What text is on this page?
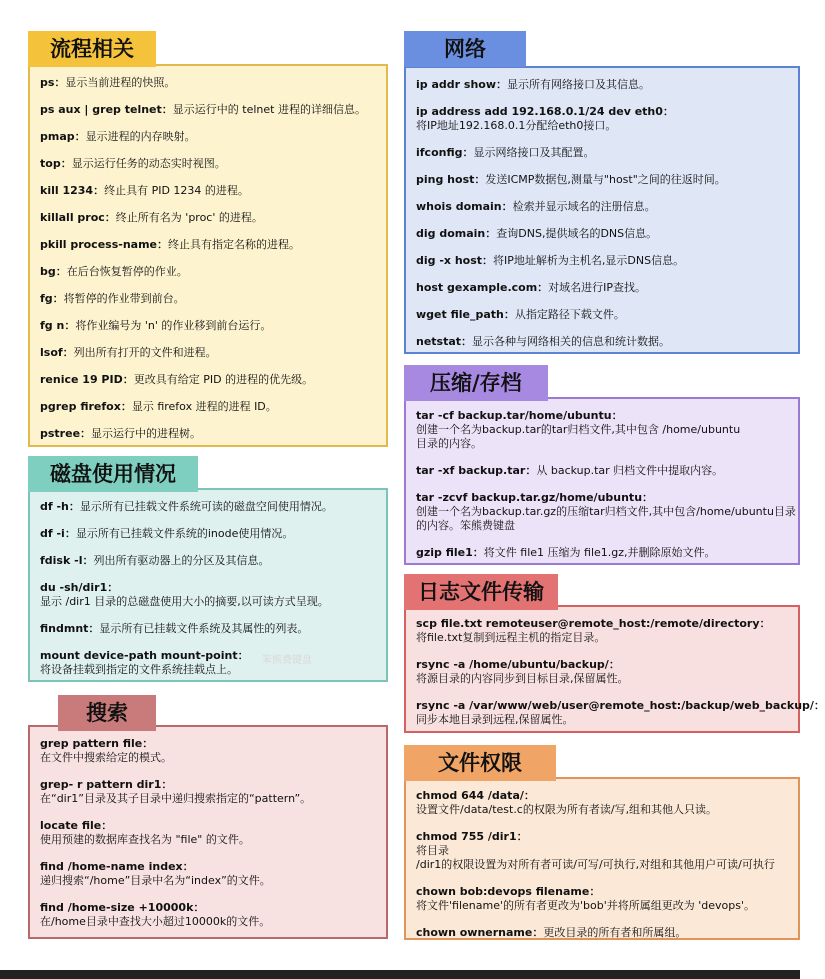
ps：显示当前进程的快照。
ps aux | grep telnet：显示运行中的 telnet 进程的详细信息。
pmap：显示进程的内存映射。
top：显示运行任务的动态实时视图。
kill 1234：终止具有 PID 1234 的进程。
killall proc：终止所有名为 'proc' 的进程。
pkill process-name：终止具有指定名称的进程。
bg：在后台恢复暂停的作业。
fg：将暂停的作业带到前台。
fg n：将作业编号为 'n' 的作业移到前台运行。
lsof：列出所有打开的文件和进程。
renice 19 PID：更改具有给定 PID 的进程的优先级。
pgrep firefox：显示 firefox 进程的进程 ID。
pstree：显示运行中的进程树。
流程相关
df -h：显示所有已挂载文件系统可读的磁盘空间使用情况。
df -i：显示所有已挂载文件系统的inode使用情况。
fdisk -l：列出所有驱动器上的分区及其信息。
du -sh/dir1：
显示 /dir1 目录的总磁盘使用大小的摘要,以可读方式呈现。
findmnt：显示所有已挂载文件系统及其属性的列表。
mount device-path mount-point：
将设备挂载到指定的文件系统挂载点上。
磁盘使用情况
grep pattern file：
在文件中搜索给定的模式。
grep- r pattern dir1：
在“dir1”目录及其子目录中递归搜索指定的“pattern”。
locate file：
使用预建的数据库查找名为 "file" 的文件。
find /home-name index：
递归搜索“/home”目录中名为“index”的文件。
find /home-size +10000k：
在/home目录中查找大小超过10000k的文件。
搜索
ip addr show：显示所有网络接口及其信息。
ip address add 192.168.0.1/24 dev eth0：
将IP地址192.168.0.1分配给eth0接口。
ifconfig：显示网络接口及其配置。
ping host：发送ICMP数据包,测量与"host"之间的往返时间。
whois domain：检索并显示域名的注册信息。
dig domain：查询DNS,提供域名的DNS信息。
dig -x host：将IP地址解析为主机名,显示DNS信息。
host gexample.com：对域名进行IP查找。
wget file_path：从指定路径下载文件。
netstat：显示各种与网络相关的信息和统计数据。
网络
tar -cf backup.tar/home/ubuntu：
创建一个名为backup.tar的tar归档文件,其中包含 /home/ubuntu
目录的内容。
tar -xf backup.tar：从 backup.tar 归档文件中提取内容。
tar -zcvf backup.tar.gz/home/ubuntu：
创建一个名为backup.tar.gz的压缩tar归档文件,其中包含/home/ubuntu目录
的内容。笨熊费键盘
gzip file1：将文件 file1 压缩为 file1.gz,并删除原始文件。
压缩/存档
scp file.txt remoteuser@remote_host:/remote/directory：
将file.txt复制到远程主机的指定目录。
rsync -a /home/ubuntu/backup/：
将源目录的内容同步到目标目录,保留属性。
rsync -a /var/www/web/user@remote_host:/backup/web_backup/：
同步本地目录到远程,保留属性。
日志文件传输
chmod 644 /data/：
设置文件/data/test.c的权限为所有者读/写,组和其他人只读。
chmod 755 /dir1：
将目录
/dir1的权限设置为对所有者可读/可写/可执行,对组和其他用户可读/可执行
chown bob:devops filename：
将文件'filename'的所有者更改为'bob'并将所属组更改为 'devops'。
chown ownername：更改目录的所有者和所属组。
文件权限
笨熊费键盘
